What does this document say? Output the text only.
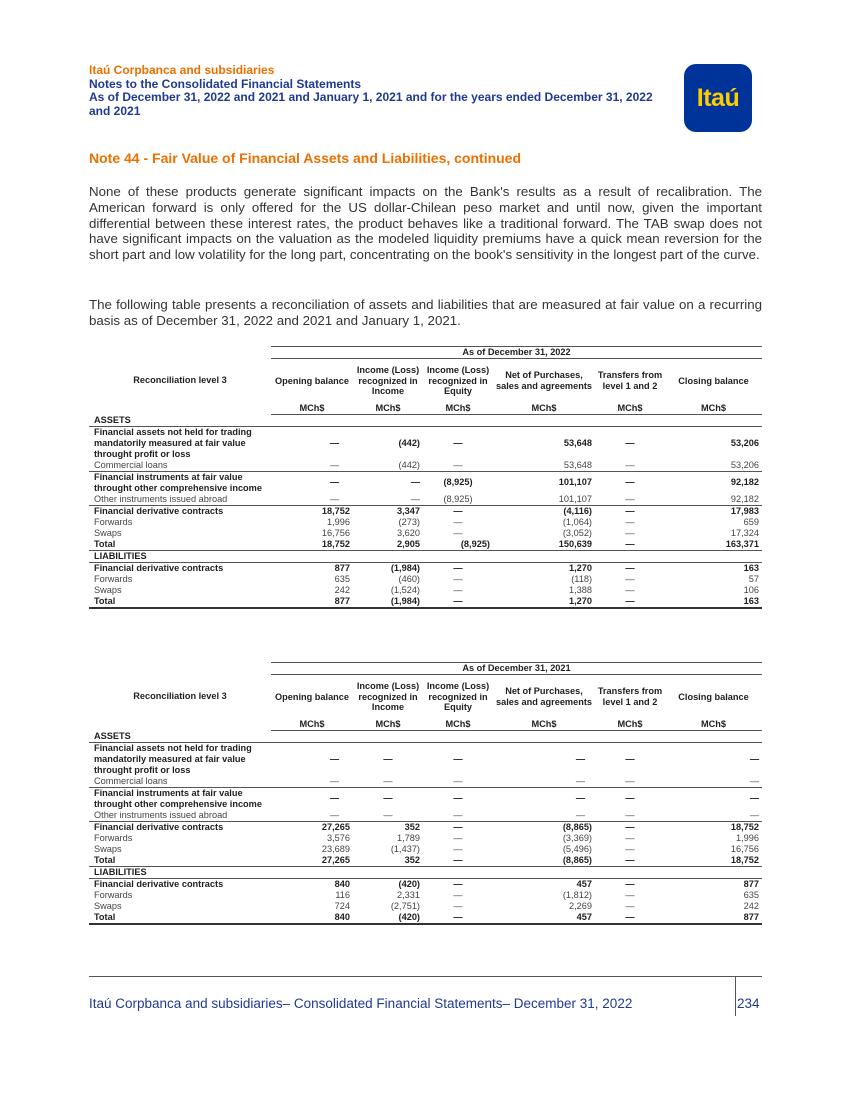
Itaú Corpbanca and subsidiaries
Notes to the Consolidated Financial Statements
As of December 31, 2022 and 2021 and January 1, 2021 and for the years ended December 31, 2022
and 2021	Itaú
Note 44 - Fair Value of Financial Assets and Liabilities, continued
None of these products generate significant impacts on the Bank's results as a result of recalibration. The American forward is only offered for the US dollar-Chilean peso market and until now, given the important differential between these interest rates, the product behaves like a traditional forward. The TAB swap does not have significant impacts on the valuation as the modeled liquidity premiums have a quick mean reversion for the short part and low volatility for the long part, concentrating on the book's sensitivity in the longest part of the curve.
The following table presents a reconciliation of assets and liabilities that are measured at fair value on a recurring basis as of December 31, 2022 and 2021 and January 1, 2021.
	As of December 31, 2022					
Reconciliation level 3	Opening balance	Income (Loss) recognized in Income	Income (Loss) recognized in Equity	Net of Purchases, sales and agreements	Transfers from level 1 and 2	Closing balance
	MCh$	MCh$	MCh$	MCh$	MCh$	MCh$
ASSETS						
Financial assets not held for trading mandatorily measured at fair value throught profit or loss	—	(442)	—	53,648	—	53,206
Commercial loans	—	(442)	—	53,648	—	53,206
Financial instruments at fair value throught other comprehensive income	—	—	(8,925)	101,107	—	92,182
Other instruments issued abroad	—	—	(8,925)	101,107	—	92,182
Financial derivative contracts	18,752	3,347	—	(4,116)	—	17,983
Forwards	1,996	(273)	—	(1,064)	—	659
Swaps	16,756	3,620	—	(3,052)	—	17,324
Total	18,752	2,905	(8,925)	150,639	—	163,371
LIABILITIES						
Financial derivative contracts	877	(1,984)	—	1,270	—	163
Forwards	635	(460)	—	(118)	—	57
Swaps	242	(1,524)	—	1,388	—	106
Total	877	(1,984)	—	1,270	—	163
	As of December 31, 2021					
Reconciliation level 3	Opening balance	Income (Loss) recognized in Income	Income (Loss) recognized in Equity	Net of Purchases, sales and agreements	Transfers from level 1 and 2	Closing balance
	MCh$	MCh$	MCh$	MCh$	MCh$	MCh$
ASSETS						
Financial assets not held for trading mandatorily measured at fair value throught profit or loss	—	—	—	—	—	—
Commercial loans	—	—	—	—	—	—
Financial instruments at fair value throught other comprehensive income	—	—	—	—	—	—
Other instruments issued abroad	—	—	—	—	—	—
Financial derivative contracts	27,265	352	—	(8,865)	—	18,752
Forwards	3,576	1,789	—	(3,369)	—	1,996
Swaps	23,689	(1,437)	—	(5,496)	—	16,756
Total	27,265	352	—	(8,865)	—	18,752
LIABILITIES						
Financial derivative contracts	840	(420)	—	457	—	877
Forwards	116	2,331	—	(1,812)	—	635
Swaps	724	(2,751)	—	2,269	—	242
Total	840	(420)	—	457	—	877
Itaú Corpbanca and subsidiaries– Consolidated Financial Statements– December 31, 2022	234
